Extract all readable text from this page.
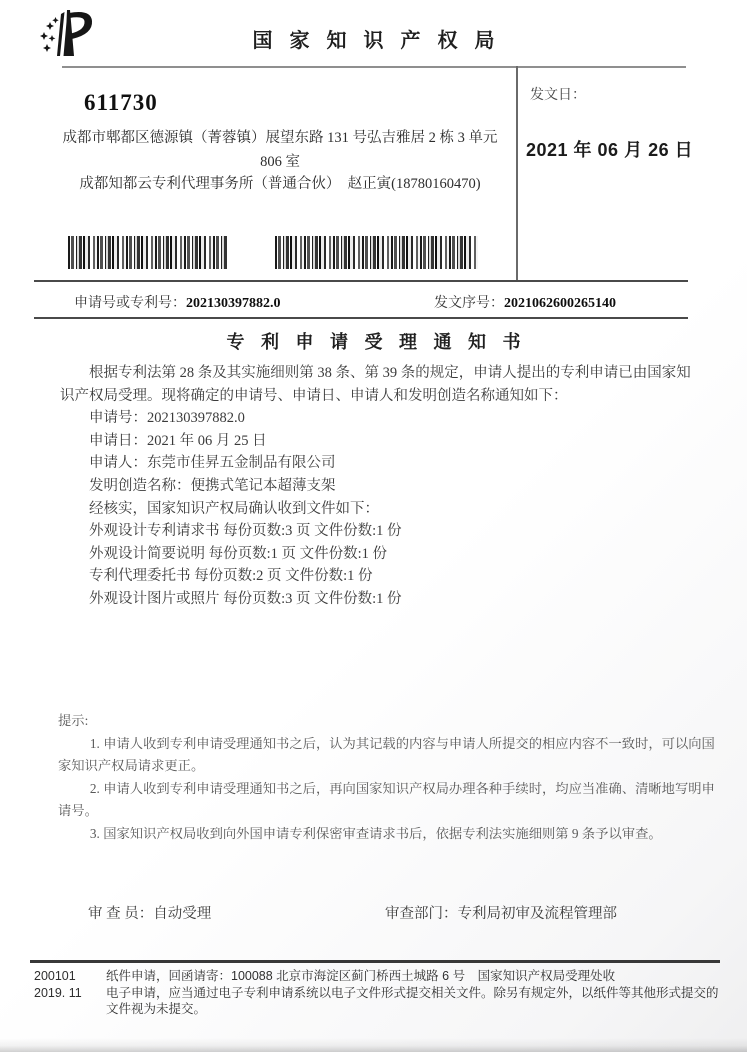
国 家 知 识 产 权 局
发文日：
2021 年 06 月 26 日
611730
成都市郫都区德源镇（菁蓉镇）展望东路 131 号弘吉雅居 2 栋 3 单元
806 室
成都知都云专利代理事务所（普通合伙）　赵正寅(18780160470)
申请号或专利号：202130397882.0	发文序号：2021062600265140
专 利 申 请 受 理 通 知 书

根据专利法第 28 条及其实施细则第 38 条、第 39 条的规定，申请人提出的专利申请已由国家知识产权局受理。现将确定的申请号、申请日、申请人和发明创造名称通知如下：

申请号：202130397882.0

申请日：2021 年 06 月 25 日

申请人：东莞市佳昇五金制品有限公司

发明创造名称：便携式笔记本超薄支架

经核实，国家知识产权局确认收到文件如下：

外观设计专利请求书 每份页数:3 页 文件份数:1 份

外观设计简要说明 每份页数:1 页 文件份数:1 份

专利代理委托书 每份页数:2 页 文件份数:1 份

外观设计图片或照片 每份页数:3 页 文件份数:1 份

提示:

1. 申请人收到专利申请受理通知书之后，认为其记载的内容与申请人所提交的相应内容不一致时，可以向国家知识产权局请求更正。

2. 申请人收到专利申请受理通知书之后，再向国家知识产权局办理各种手续时，均应当准确、清晰地写明申请号。

3. 国家知识产权局收到向外国申请专利保密审查请求书后，依据专利法实施细则第 9 条予以审查。

审 查 员：自动受理	审查部门：专利局初审及流程管理部
200101	纸件申请，回函请寄：100088 北京市海淀区蓟门桥西土城路 6 号　国家知识产权局受理处收
2019. 11	电子申请，应当通过电子专利申请系统以电子文件形式提交相关文件。除另有规定外，以纸件等其他形式提交的文件视为未提交。
